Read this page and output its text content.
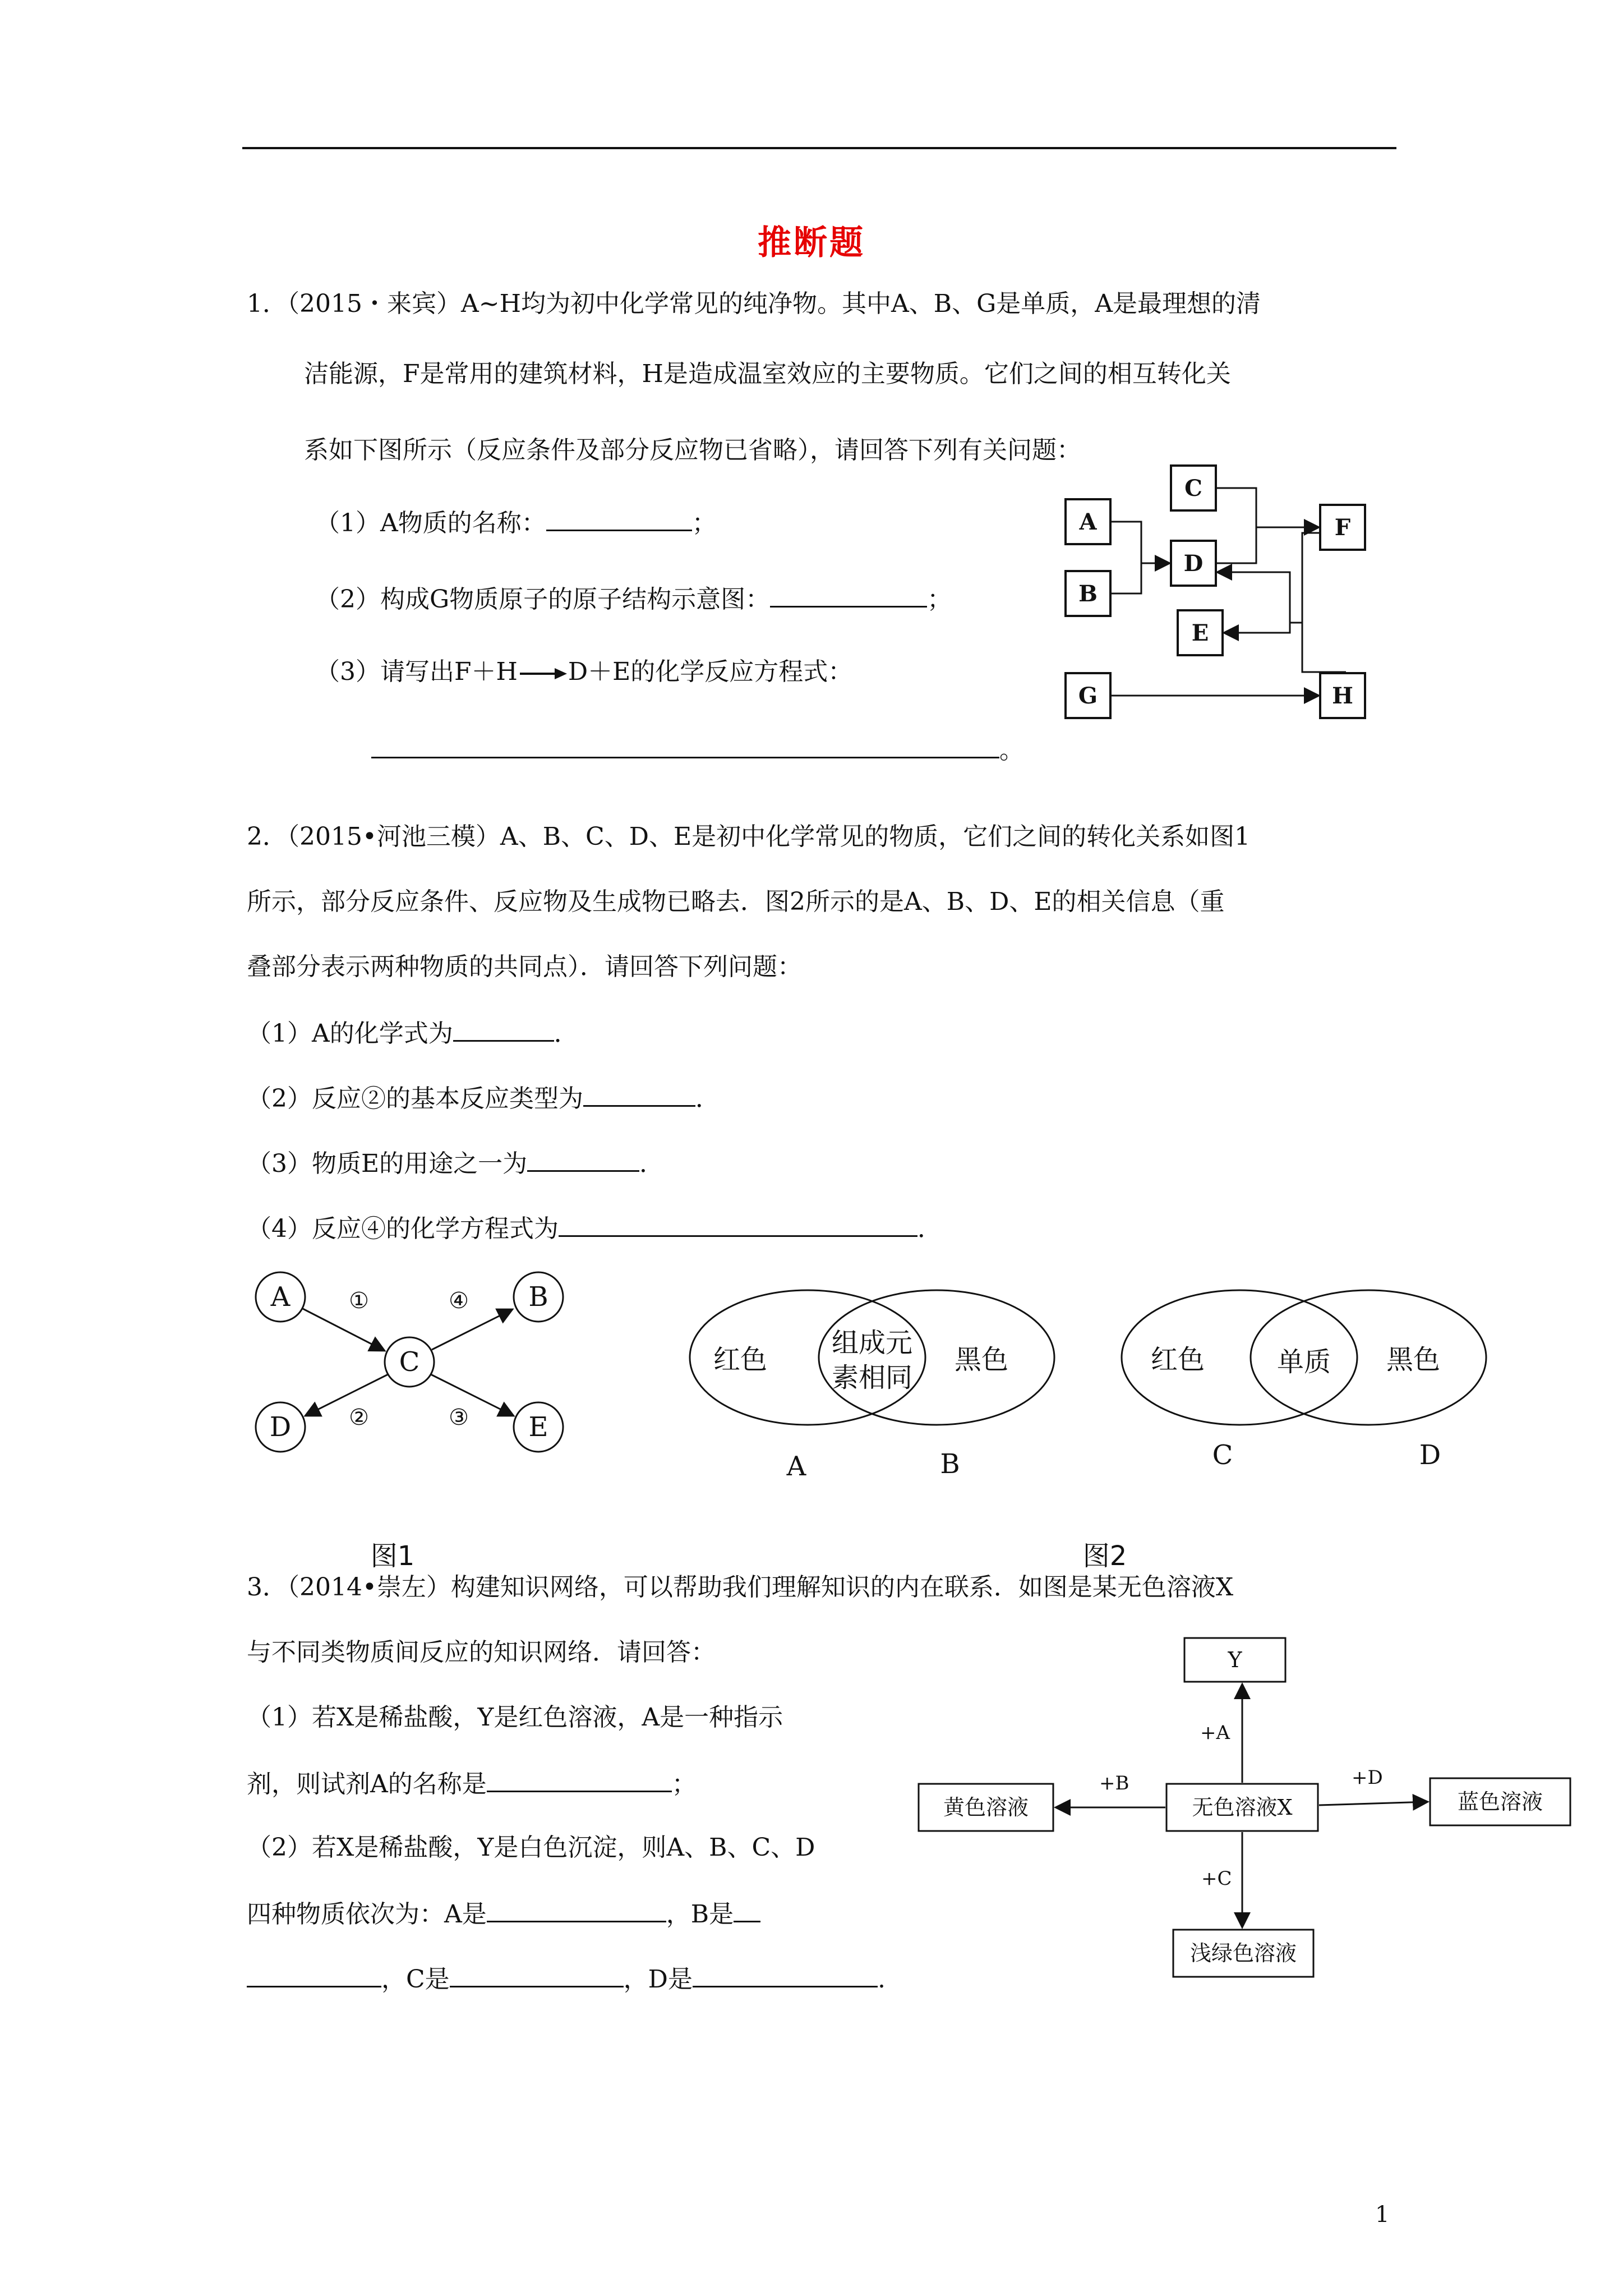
推断题
1．（2015・来宾）A~H均为初中化学常见的纯净物。其中A、B、G是单质，A是最理想的清
洁能源，F是常用的建筑材料，H是造成温室效应的主要物质。它们之间的相互转化关
系如下图所示（反应条件及部分反应物已省略），请回答下列有关问题：
（1）A物质的名称：	；
（2）构成G物质原子的原子结构示意图：	；
（3）请写出F＋H→D＋E的化学反应方程式：
。
A
B
C
D
E
F
G	H
2．（2015•河池三模）A、B、C、D、E是初中化学常见的物质，它们之间的转化关系如图1
所示，部分反应条件、反应物及生成物已略去．图2所示的是A、B、D、E的相关信息（重
叠部分表示两种物质的共同点）．请回答下列问题：
（1）A的化学式为	．
（2）反应②的基本反应类型为	．
（3）物质E的用途之一为	．
（4）反应④的化学方程式为	．
A	B
C
D	E
①	④
②	③
图1
红色
组成元
素相同
黑色	红色	单质 黑色
A	B	C	D
图2
3．（2014•崇左）构建知识网络，可以帮助我们理解知识的内在联系．如图是某无色溶液X
与不同类物质间反应的知识网络．请回答：
（1）若X是稀盐酸，Y是红色溶液，A是一种指示
剂，则试剂A的名称是	；
（2）若X是稀盐酸，Y是白色沉淀，则A、B、C、D
四种物质依次为：A是	，B是
，C是	，D是	.
Y
无色溶液X
黄色溶液	蓝色溶液
浅绿色溶液
+A
+B
+C
+D
1
